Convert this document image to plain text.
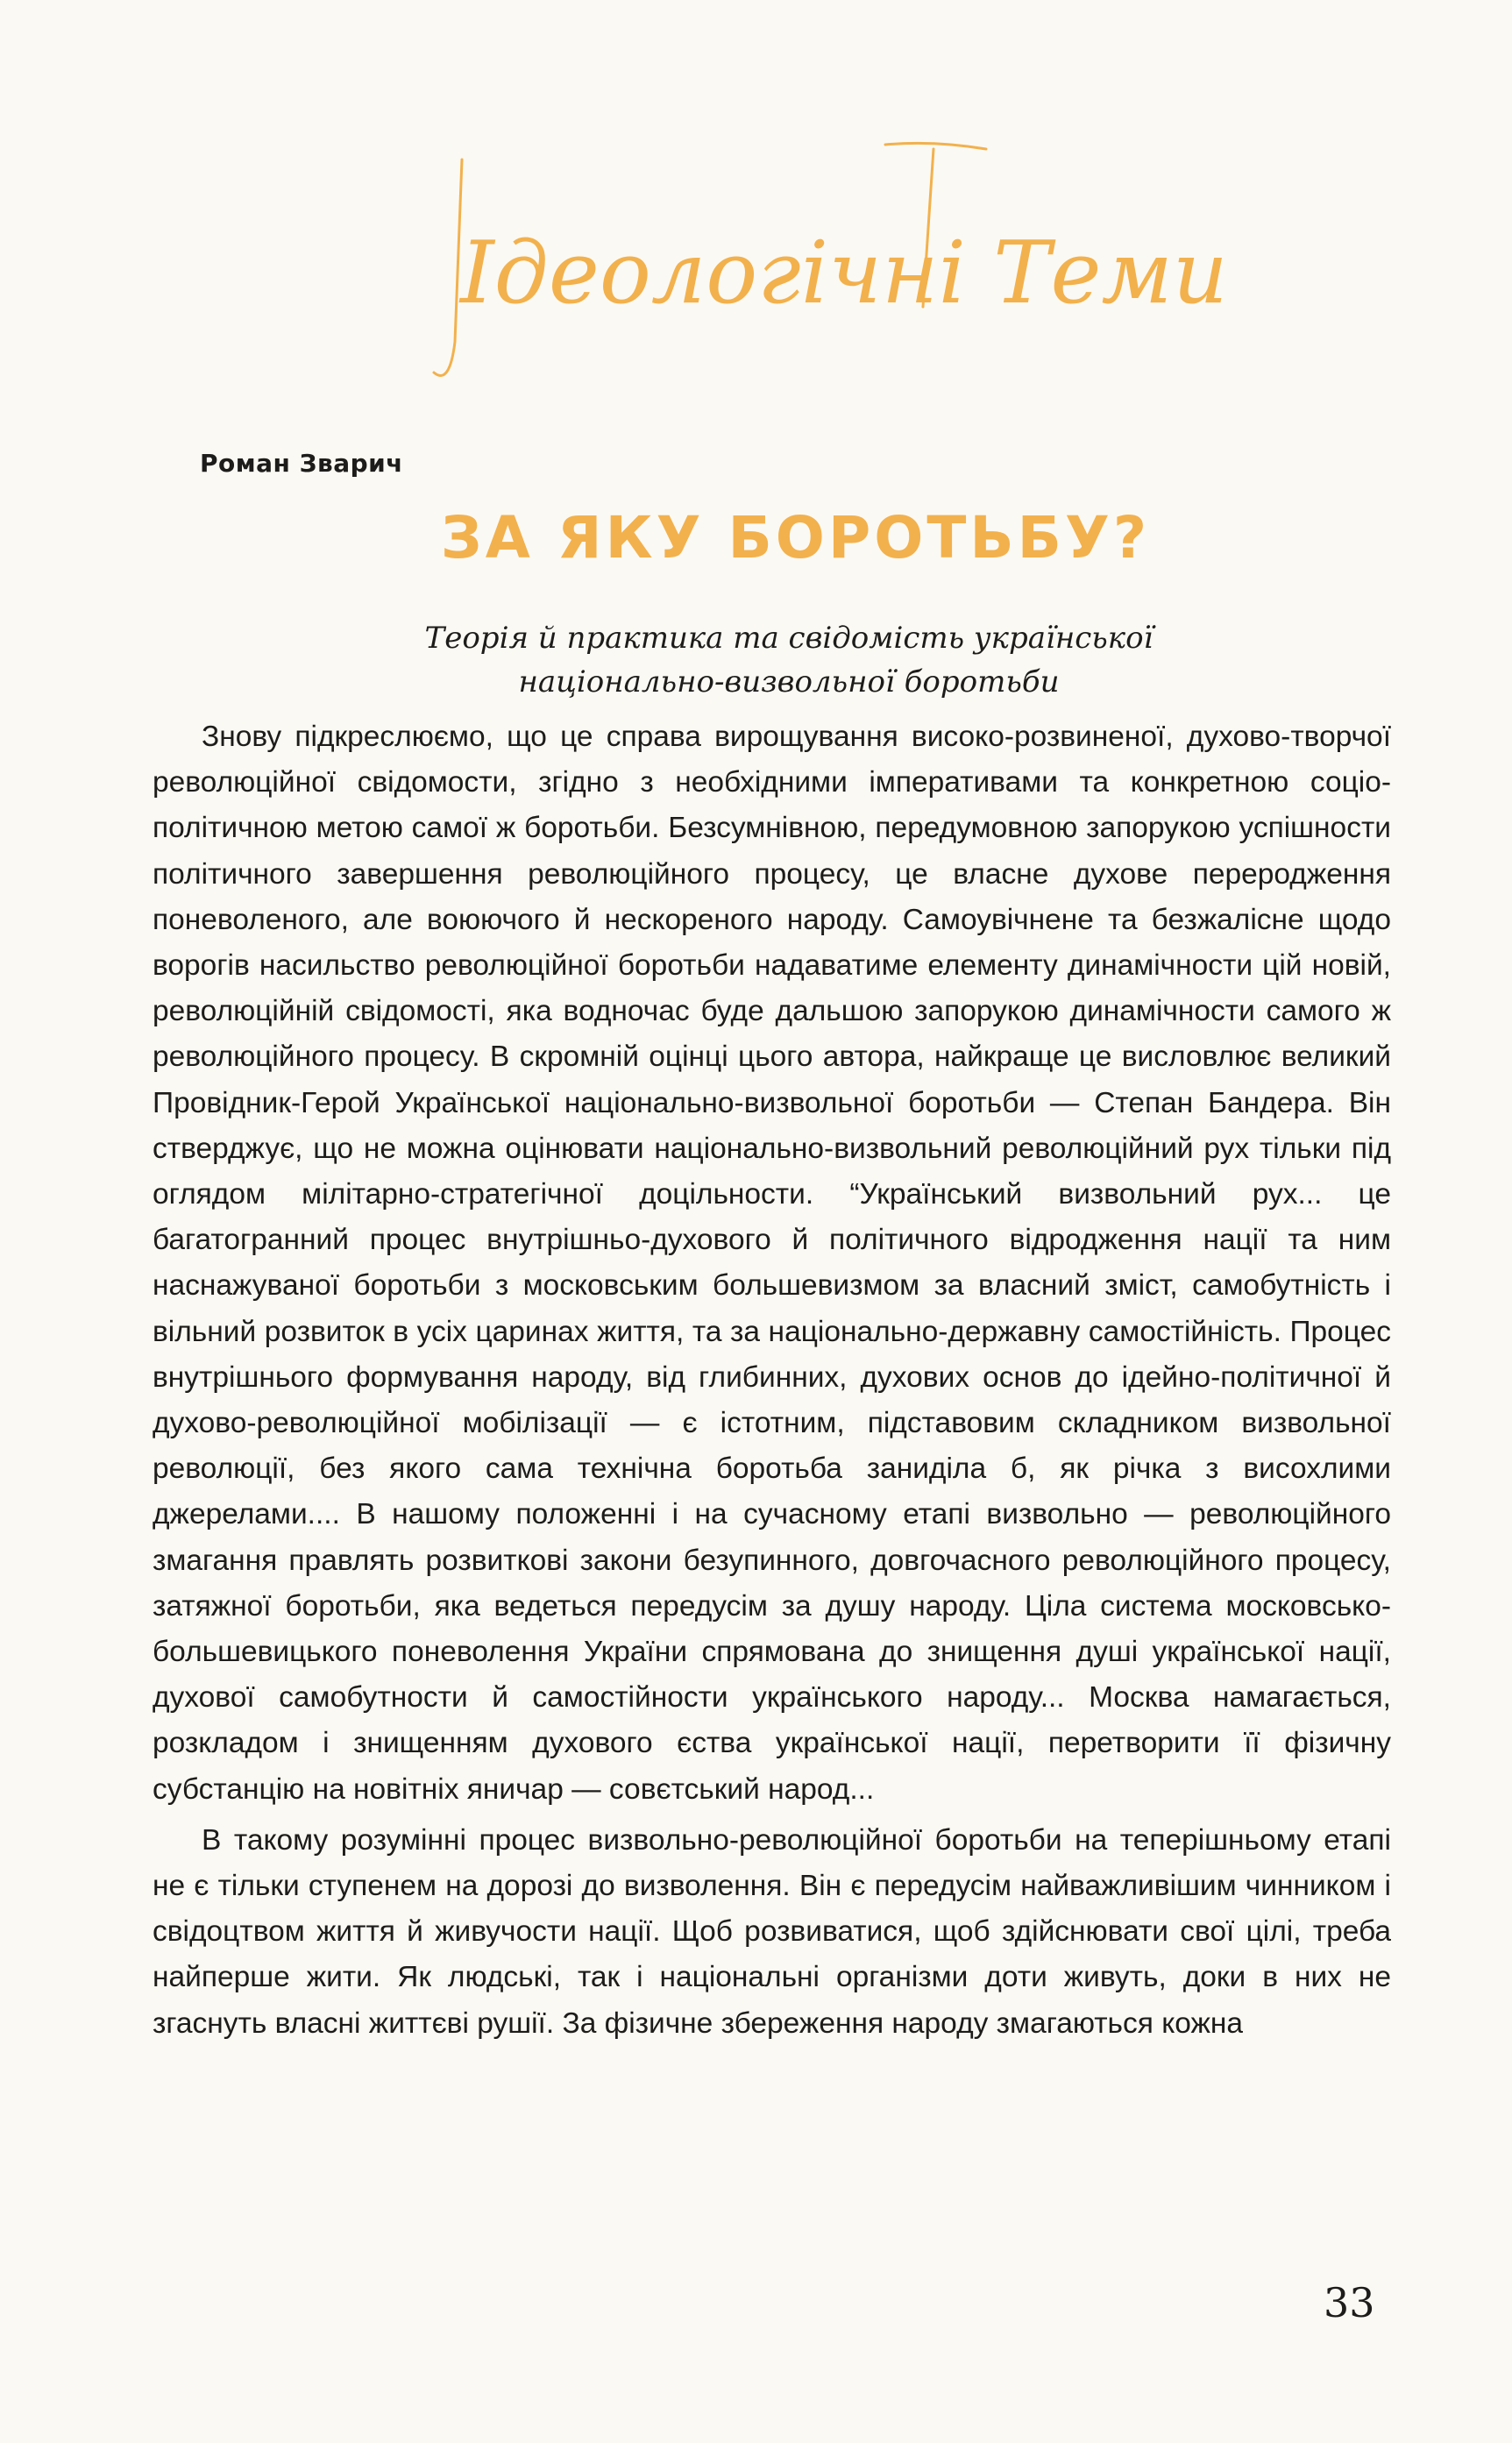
Ідеологічні Теми
Роман Зварич
ЗА ЯКУ БОРОТЬБУ?
Теорія й практика та свідомість української
національно-визвольної боротьби

Знову підкреслюємо, що це справа вирощування високо-розвиненої, духово-творчої революційної свідомости, згідно з необхідними імперативами та конкретною соціо-політичною метою самої ж боротьби. Безсумнівною, передумовною запорукою успішности політичного завершення революційного процесу, це власне духове переродження поневоленого, але воюючого й нескореного народу. Самоувічнене та безжалісне щодо ворогів насильство революційної боротьби надаватиме елементу динамічности цій новій, революційній свідомості, яка водночас буде дальшою запорукою динамічности самого ж революційного процесу. В скромній оцінці цього автора, найкраще це висловлює великий Провідник-Герой Української національно-визвольної боротьби — Степан Бандера. Він стверджує, що не можна оцінювати національно-визвольний революційний рух тільки під оглядом мілітарно-стратегічної доцільности. “Український визвольний рух... це багатогранний процес внутрішньо-духового й політичного відродження нації та ним наснажуваної боротьби з московським большевизмом за власний зміст, самобутність і вільний розвиток в усіх царинах життя, та за національно-державну самостійність. Процес внутрішнього формування народу, від глибинних, духових основ до ідейно-політичної й духово-революційної мобілізації — є істотним, підставовим складником визвольної революції, без якого сама технічна боротьба занидiла б, як річка з висохлими джерелами.... В нашому положенні і на сучасному етапі визвольно — революційного змагання правлять розвиткові закони безупинного, довгочасного революційного процесу, затяжної боротьби, яка ведеться передусім за душу народу. Ціла система московсько-большевицького поневолення України спрямована до знищення душі української нації, духової самобутности й самостійности українського народу... Москва намагається, розкладом і знищенням духового єства української нації, перетворити її фізичну субстанцію на новітніх яничар — совєтський народ...

В такому розумінні процес визвольно-революційної боротьби на теперішньому етапі не є тільки ступенем на дорозі до визволення. Він є передусім найважливішим чинником і свідоцтвом життя й живучости нації. Щоб розвиватися, щоб здійснювати свої цілі, треба найперше жити. Як людські, так і національні організми доти живуть, доки в них не згаснуть власні життєві рушії. За фізичне збереження народу змагаються кожна

33
